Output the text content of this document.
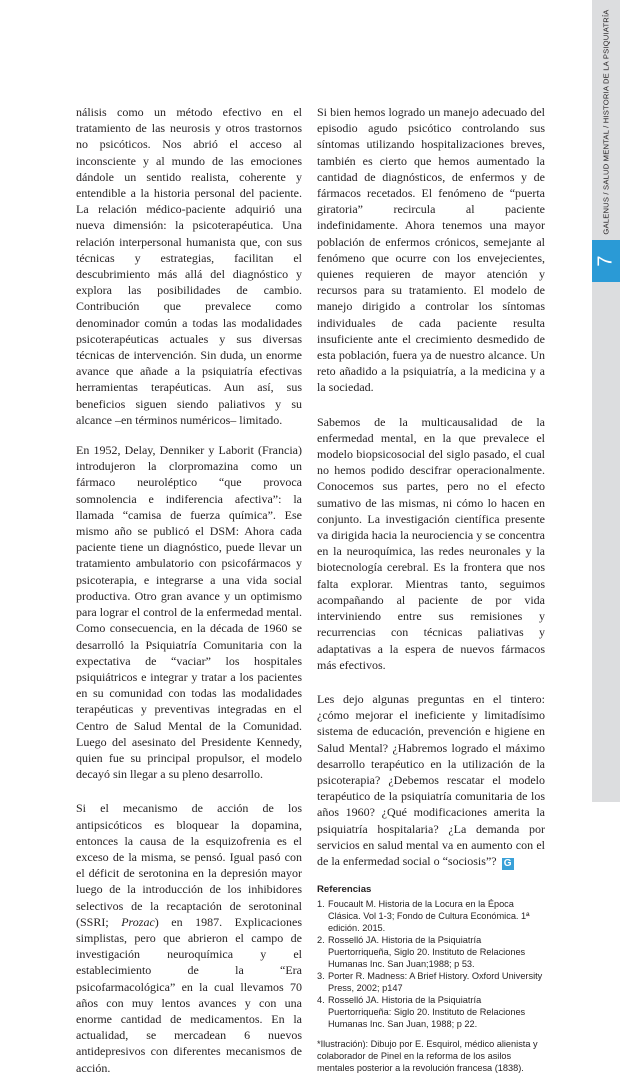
nálisis como un método efectivo en el tratamiento de las neurosis y otros trastornos no psicóticos. Nos abrió el acceso al inconsciente y al mundo de las emociones dándole un sentido realista, coherente y entendible a la historia personal del paciente. La relación médico-paciente adquirió una nueva dimensión: la psicoterapéutica. Una relación interpersonal humanista que, con sus técnicas y estrategias, facilitan el descubrimiento más allá del diagnóstico y explora las posibilidades de cambio. Contribución que prevalece como denominador común a todas las modalidades psicoterapéuticas actuales y sus diversas técnicas de intervención. Sin duda, un enorme avance que añade a la psiquiatría efectivas herramientas terapéuticas. Aun así, sus beneficios siguen siendo paliativos y su alcance –en términos numéricos– limitado.

En 1952, Delay, Denniker y Laborit (Francia) introdujeron la clorpromazina como un fármaco neuroléptico “que provoca somnolencia e indiferencia afectiva”: la llamada “camisa de fuerza química”. Ese mismo año se publicó el DSM: Ahora cada paciente tiene un diagnóstico, puede llevar un tratamiento ambulatorio con psicofármacos y psicoterapia, e integrarse a una vida social productiva. Otro gran avance y un optimismo para lograr el control de la enfermedad mental. Como consecuencia, en la década de 1960 se desarrolló la Psiquiatría Comunitaria con la expectativa de “vaciar” los hospitales psiquiátricos e integrar y tratar a los pacientes en su comunidad con todas las modalidades terapéuticas y preventivas integradas en el Centro de Salud Mental de la Comunidad. Luego del asesinato del Presidente Kennedy, quien fue su principal propulsor, el modelo decayó sin llegar a su pleno desarrollo.

Si el mecanismo de acción de los antipsicóticos es bloquear la dopamina, entonces la causa de la esquizofrenia es el exceso de la misma, se pensó. Igual pasó con el déficit de serotonina en la depresión mayor luego de la introducción de los inhibidores selectivos de la recaptación de serotoninal (SSRI; Prozac) en 1987. Explicaciones simplistas, pero que abrieron el campo de investigación neuroquímica y el establecimiento de la “Era psicofarmacológica” en la cual llevamos 70 años con muy lentos avances y con una enorme cantidad de medicamentos. En la actualidad, se mercadean 6 nuevos antidepresivos con diferentes mecanismos de acción.

Si bien hemos logrado un manejo adecuado del episodio agudo psicótico controlando sus síntomas utilizando hospitalizaciones breves, también es cierto que hemos aumentado la cantidad de diagnósticos, de enfermos y de fármacos recetados. El fenómeno de “puerta giratoria” recircula al paciente indefinidamente. Ahora tenemos una mayor población de enfermos crónicos, semejante al fenómeno que ocurre con los envejecientes, quienes requieren de mayor atención y recursos para su tratamiento. El modelo de manejo dirigido a controlar los síntomas individuales de cada paciente resulta insuficiente ante el crecimiento desmedido de esta población, fuera ya de nuestro alcance. Un reto añadido a la psiquiatría, a la medicina y a la sociedad.

Sabemos de la multicausalidad de la enfermedad mental, en la que prevalece el modelo biopsicosocial del siglo pasado, el cual no hemos podido descifrar operacionalmente. Conocemos sus partes, pero no el efecto sumativo de las mismas, ni cómo lo hacen en conjunto. La investigación científica presente va dirigida hacia la neurociencia y se concentra en la neuroquímica, las redes neuronales y la biotecnología cerebral. Es la frontera que nos falta explorar. Mientras tanto, seguimos acompañando al paciente de por vida interviniendo entre sus remisiones y recurrencias con técnicas paliativas y adaptativas a la espera de nuevos fármacos más efectivos.

Les dejo algunas preguntas en el tintero: ¿cómo mejorar el ineficiente y limitadísimo sistema de educación, prevención e higiene en Salud Mental? ¿Habremos logrado el máximo desarrollo terapéutico en la utilización de la psicoterapia? ¿Debemos rescatar el modelo terapéutico de la psiquiatría comunitaria de los años 1960? ¿Qué modificaciones amerita la psiquiatría hospitalaria? ¿La demanda por servicios en salud mental va en aumento con el de la enfermedad social o “sociosis”? G

Referencias
1. Foucault M. Historia de la Locura en la Época Clásica. Vol 1-3; Fondo de Cultura Económica. 1ª edición. 2015.
2. Rosselló JA. Historia de la Psiquiatría Puertorriqueña, Siglo 20. Instituto de Relaciones Humanas Inc. San Juan;1988; p 53.
3. Porter R. Madness: A Brief History. Oxford University Press, 2002; p147
4. Rosselló JA. Historia de la Psiquiatría Puertorriqueña: Siglo 20. Instituto de Relaciones Humanas Inc. San Juan, 1988; p 22.
*Ilustración): Dibujo por E. Esquirol, médico alienista y colaborador de Pinel en la reforma de los asilos mentales posterior a la revolución francesa (1838).
GALENUS / SALUD MENTAL / HISTORIA DE LA PSIQUIATRÍA
7
